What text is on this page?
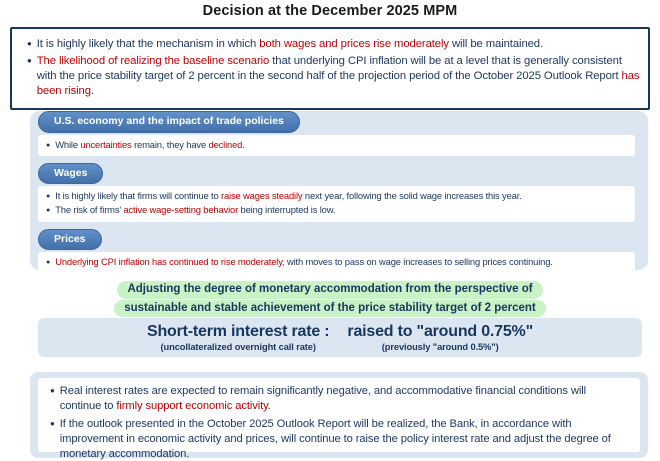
Decision at the December 2025 MPM
● It is highly likely that the mechanism in which both wages and prices rise moderately will be maintained.
● The likelihood of realizing the baseline scenario that underlying CPI inflation will be at a level that is generally consistent with the price stability target of 2 percent in the second half of the projection period of the October 2025 Outlook Report has been rising.
U.S. economy and the impact of trade policies
● While uncertainties remain, they have declined.
Wages
● It is highly likely that firms will continue to raise wages steadily next year, following the solid wage increases this year.
● The risk of firms' active wage-setting behavior being interrupted is low.
Prices
● Underlying CPI inflation has continued to rise moderately, with moves to pass on wage increases to selling prices continuing.
Adjusting the degree of monetary accommodation from the perspective of
sustainable and stable achievement of the price stability target of 2 percent
Short-term interest rate :
(uncollateralized overnight call rate)
raised to "around 0.75%"
(previously "around 0.5%")
● Real interest rates are expected to remain significantly negative, and accommodative financial conditions will continue to firmly support economic activity.
● If the outlook presented in the October 2025 Outlook Report will be realized, the Bank, in accordance with improvement in economic activity and prices, will continue to raise the policy interest rate and adjust the degree of monetary accommodation.
